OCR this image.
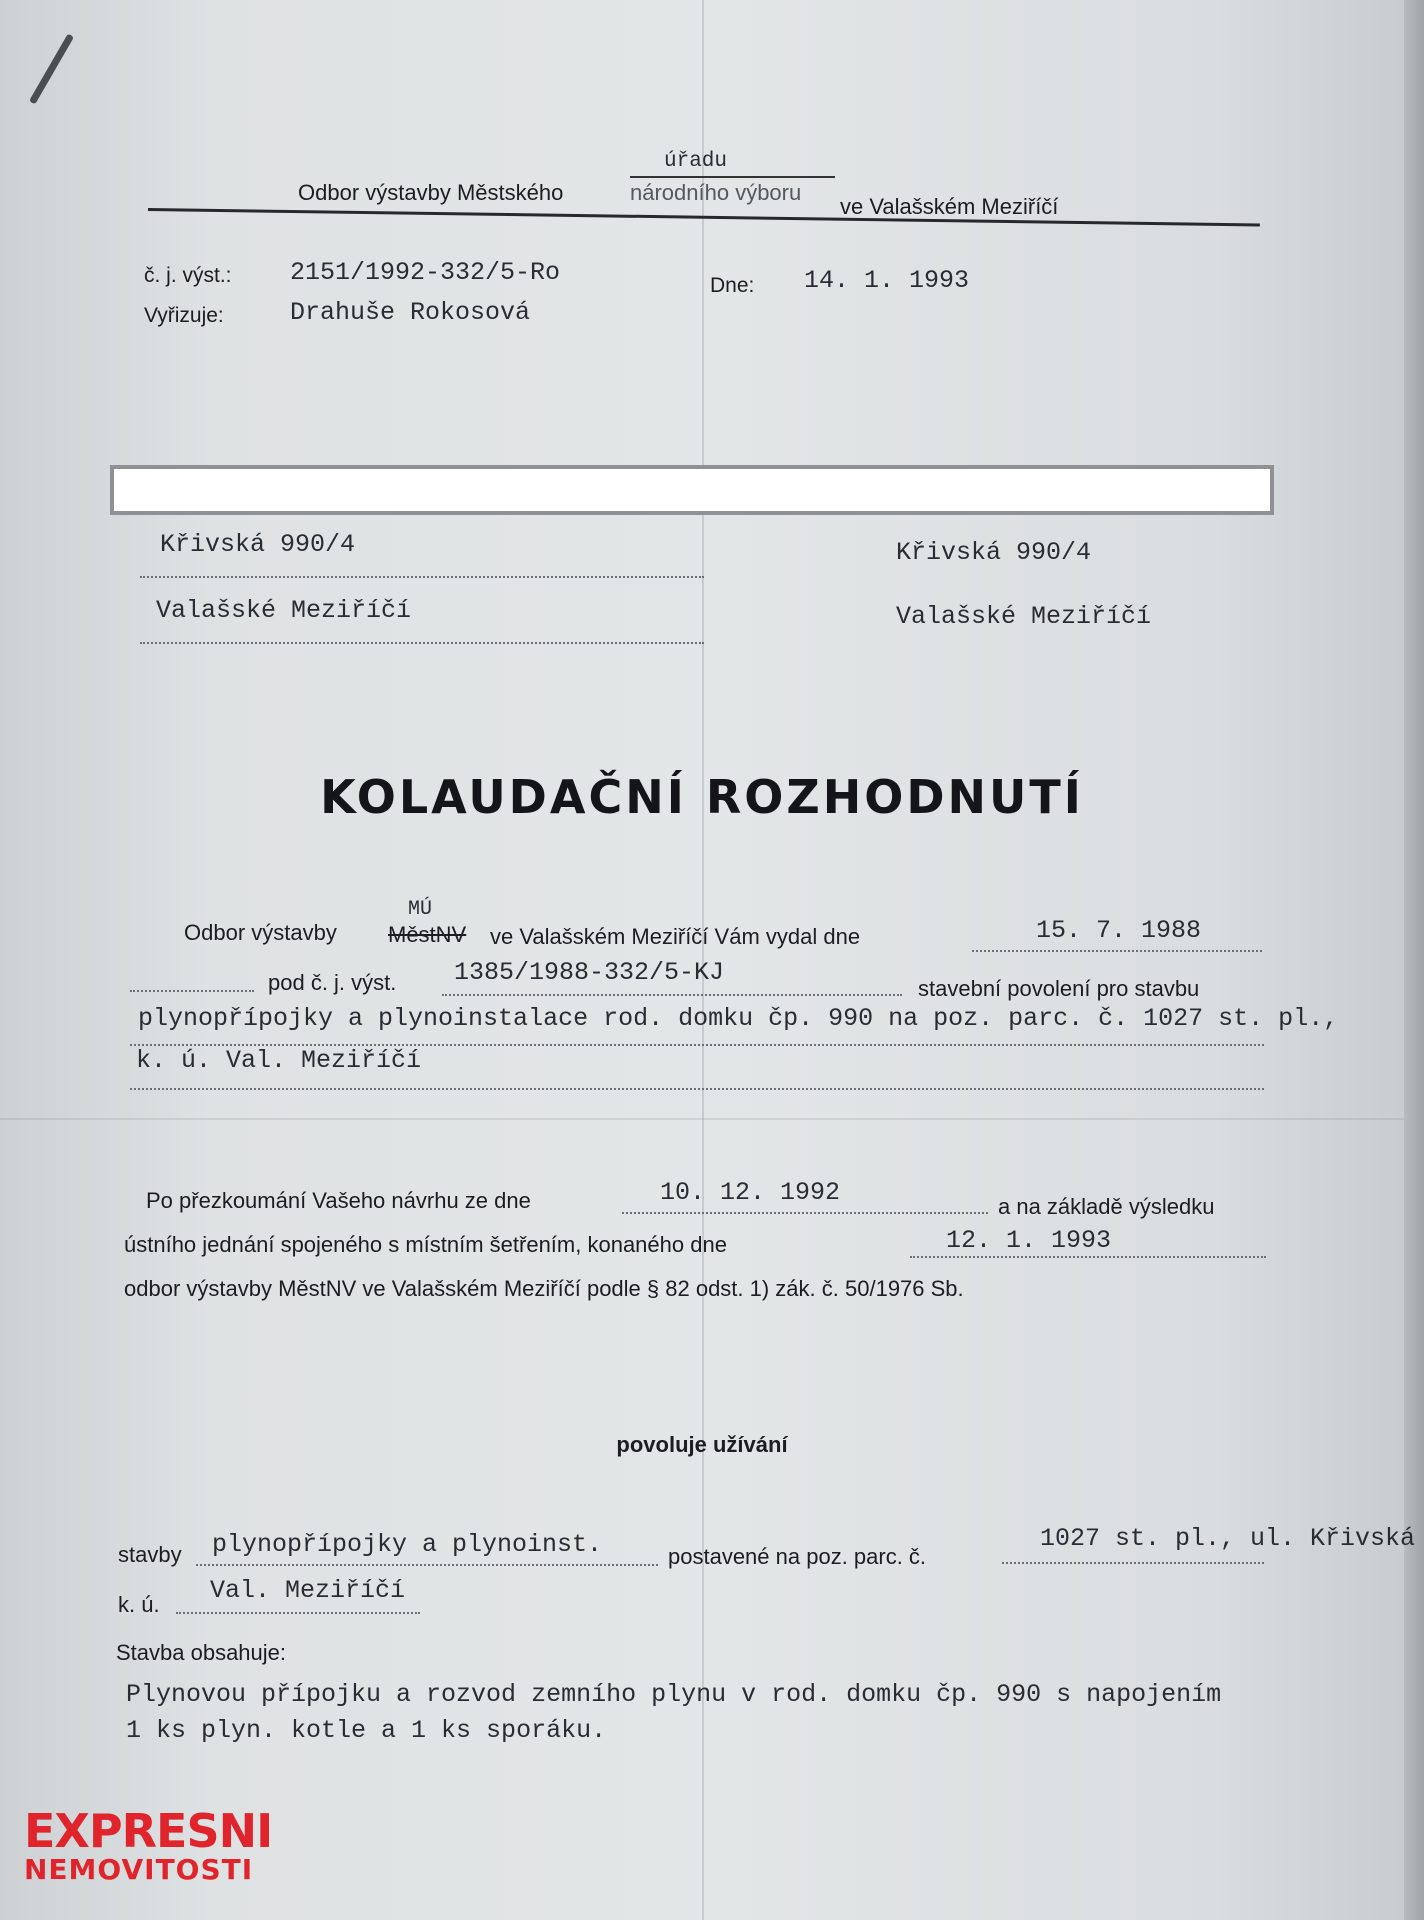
úřadu
Odbor výstavby Městského	národního výboru
ve Valašském Meziříčí
č. j. výst.: 2151/1992-332/5-Ro
Vyřizuje:	Drahuše Rokosová
Dne: 14. 1. 1993
Křivská 990/4
Valašské Meziříčí
Křivská 990/4
Valašské Meziříčí
KOLAUDAČNÍ ROZHODNUTÍ
MÚ
Odbor výstavby MěstNV ve Valašském Meziříčí Vám vydal dne	15. 7. 1988
pod č. j. výst. 1385/1988-332/5-KJ
stavební povolení pro stavbu
plynopřípojky a plynoinstalace rod. domku čp. 990 na poz. parc. č. 1027 st. pl.,
k. ú. Val. Meziříčí
Po přezkoumání Vašeho návrhu ze dne	10. 12. 1992	a na základě výsledku
ústního jednání spojeného s místním šetřením, konaného dne	12. 1. 1993
odbor výstavby MěstNV ve Valašském Meziříčí podle § 82 odst. 1) zák. č. 50/1976 Sb.
povoluje užívání
stavby plynopřípojky a plynoinst.	postavené na poz. parc. č.
1027 st. pl., ul. Křivská
k. ú. Val. Meziříčí
Stavba obsahuje:
Plynovou přípojku a rozvod zemního plynu v rod. domku čp. 990 s napojením
1 ks plyn. kotle a 1 ks sporáku.
EXPRESNI
NEMOVITOSTI
